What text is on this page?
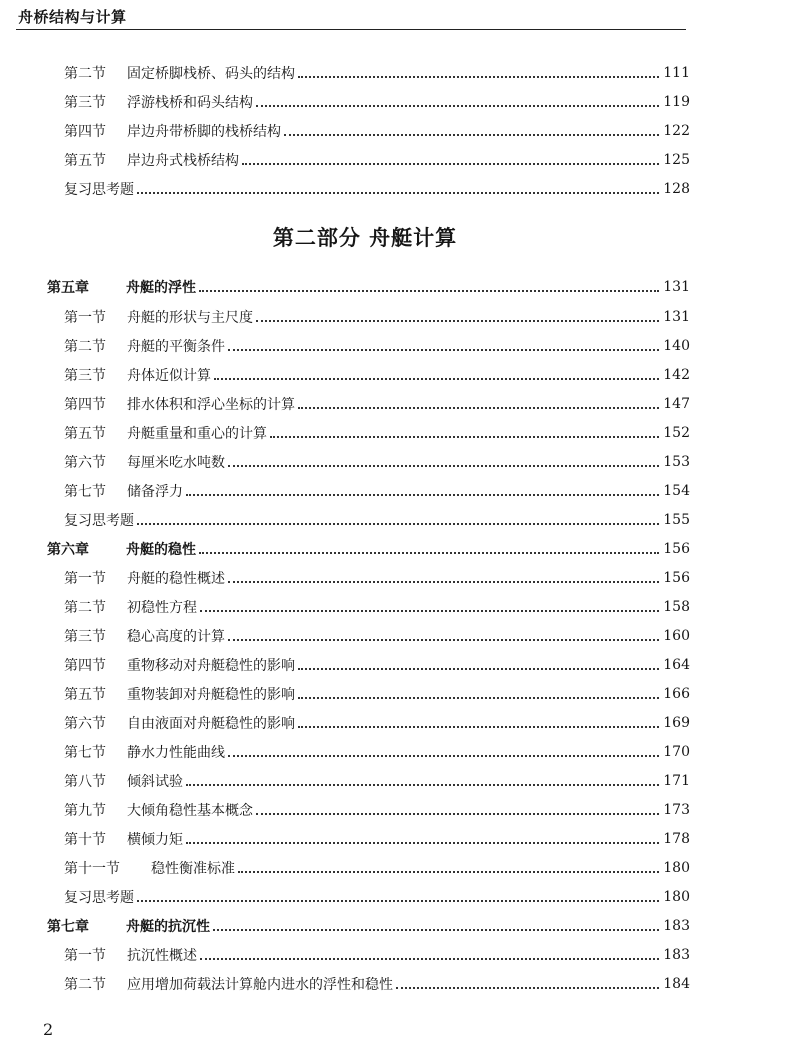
舟桥结构与计算
第二部分 舟艇计算
第二节	固定桥脚栈桥、码头的结构	111
第三节	浮游栈桥和码头结构	119
第四节	岸边舟带桥脚的栈桥结构	122
第五节	岸边舟式栈桥结构	125
复习思考题	128
第五章	舟艇的浮性	131
第一节	舟艇的形状与主尺度	131
第二节	舟艇的平衡条件	140
第三节	舟体近似计算	142
第四节	排水体积和浮心坐标的计算	147
第五节	舟艇重量和重心的计算	152
第六节	每厘米吃水吨数	153
第七节	储备浮力	154
复习思考题	155
第六章	舟艇的稳性	156
第一节	舟艇的稳性概述	156
第二节	初稳性方程	158
第三节	稳心高度的计算	160
第四节	重物移动对舟艇稳性的影响	164
第五节	重物装卸对舟艇稳性的影响	166
第六节	自由液面对舟艇稳性的影响	169
第七节	静水力性能曲线	170
第八节	倾斜试验	171
第九节	大倾角稳性基本概念	173
第十节	横倾力矩	178
第十一节	稳性衡准标准	180
复习思考题	180
第七章	舟艇的抗沉性	183
第一节	抗沉性概述	183
第二节	应用增加荷载法计算舱内进水的浮性和稳性	184
2
